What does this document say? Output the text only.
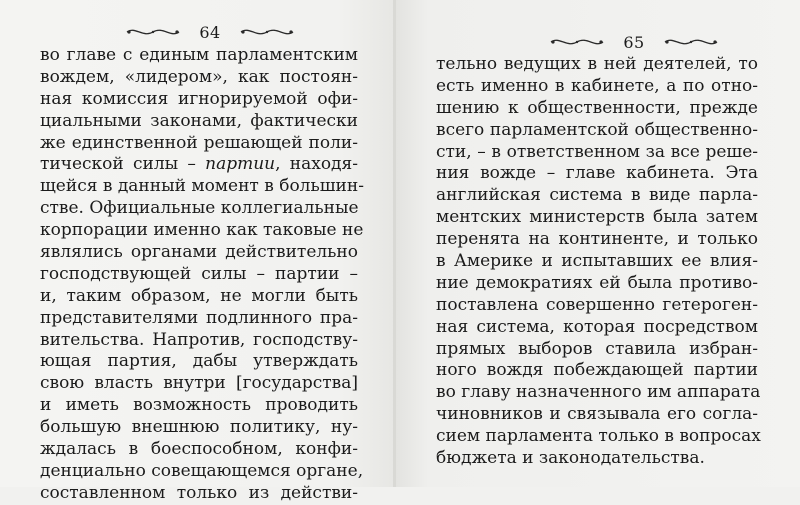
64
во главе с единым парламентским
вождем, «лидером», как постоян-
ная комиссия игнорируемой офи-
циальными законами, фактически
же единственной решающей поли-
тической силы – партии, находя-
щейся в данный момент в большин-
стве. Официальные коллегиальные
корпорации именно как таковые не
являлись органами действительно
господствующей силы – партии –
и, таким образом, не могли быть
представителями подлинного пра-
вительства. Напротив, господству-
ющая партия, дабы утверждать
свою власть внутри [государства]
и иметь возможность проводить
большую внешнюю политику, ну-
ждалась в боеспособном, конфи-
денциально совещающемся органе,
составленном только из действи-
65
тельно ведущих в ней деятелей, то
есть именно в кабинете, а по отно-
шению к общественности, прежде
всего парламентской общественно-
сти, – в ответственном за все реше-
ния вожде – главе кабинета. Эта
английская система в виде парла-
ментских министерств была затем
перенята на континенте, и только
в Америке и испытавших ее влия-
ние демократиях ей была противо-
поставлена совершенно гетероген-
ная система, которая посредством
прямых выборов ставила избран-
ного вождя побеждающей партии
во главу назначенного им аппарата
чиновников и связывала его согла-
сием парламента только в вопросах
бюджета и законодательства.
